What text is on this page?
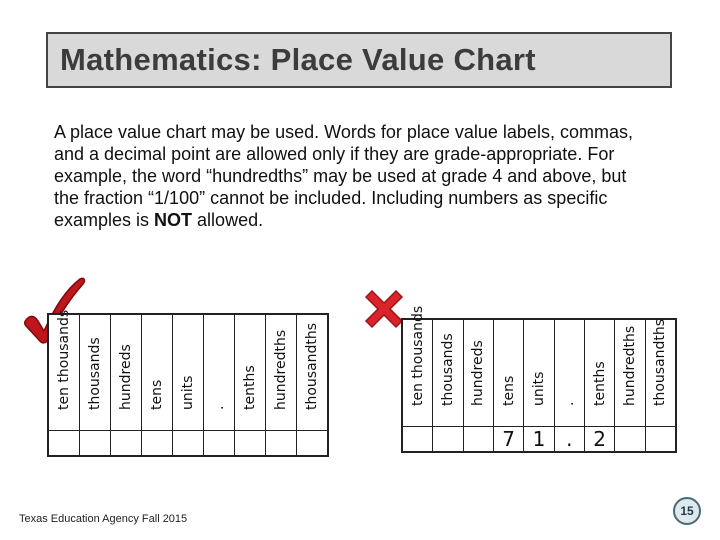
Mathematics: Place Value Chart

A place value chart may be used. Words for place value labels, commas, and a decimal point are allowed only if they are grade-appropriate. For example, the word “hundredths” may be used at grade 4 and above, but the fraction “1/100” cannot be included. Including numbers as specific examples is NOT allowed.

ten thousands thousands hundreds tens units . tenths hundredths thousandths	ten thousands thousands hundreds tens
7
units
1
.
.
tenths
2
hundredths thousandths
Texas Education Agency Fall 2015
15
